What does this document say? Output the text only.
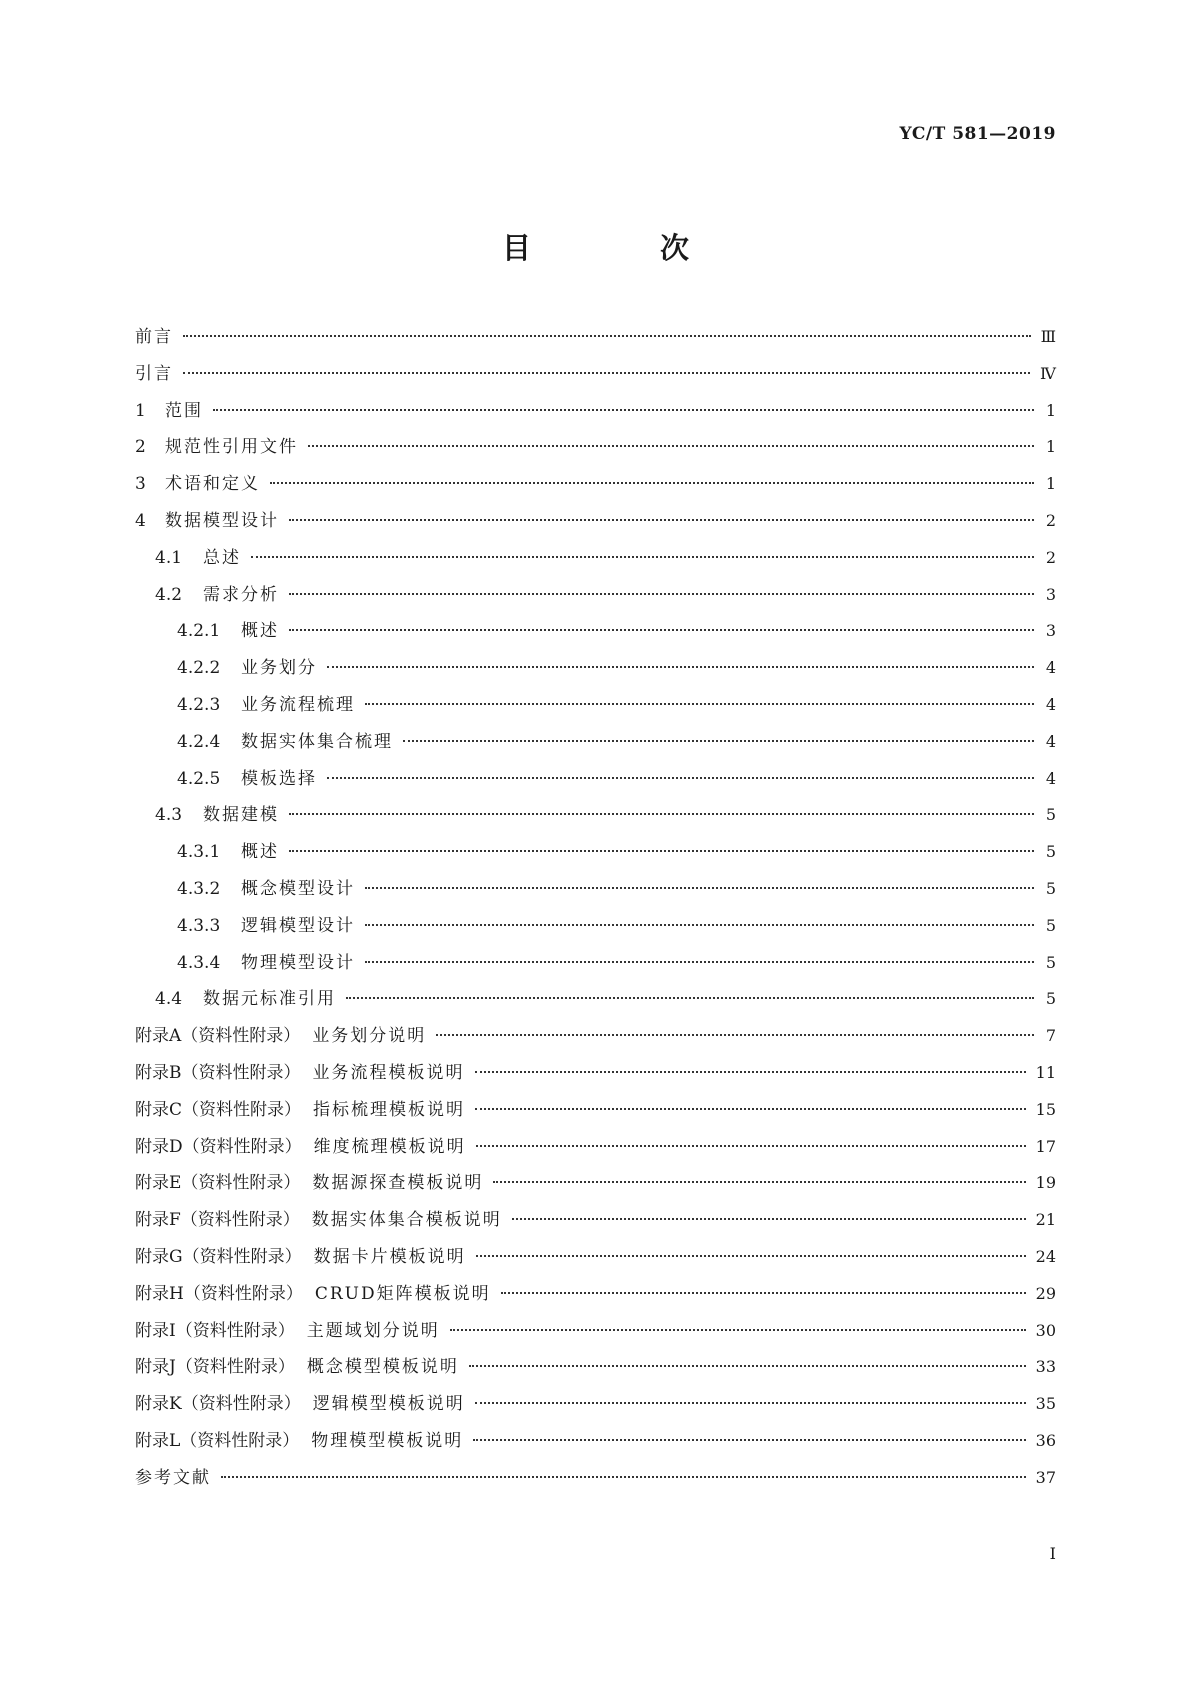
YC/T 581—2019
目　次
前言	Ⅲ
引言	Ⅳ
1	范围	1
2	规范性引用文件	1
3	术语和定义	1
4	数据模型设计	2
4.1	总述	2
4.2	需求分析	3
4.2.1	概述	3
4.2.2	业务划分	4
4.2.3	业务流程梳理	4
4.2.4	数据实体集合梳理	4
4.2.5	模板选择	4
4.3	数据建模	5
4.3.1	概述	5
4.3.2	概念模型设计	5
4.3.3	逻辑模型设计	5
4.3.4	物理模型设计	5
4.4	数据元标准引用	5
附录A（资料性附录） 业务划分说明	7
附录B（资料性附录） 业务流程模板说明	11
附录C（资料性附录） 指标梳理模板说明	15
附录D（资料性附录） 维度梳理模板说明	17
附录E（资料性附录） 数据源探查模板说明	19
附录F（资料性附录） 数据实体集合模板说明	21
附录G（资料性附录） 数据卡片模板说明	24
附录H（资料性附录） CRUD矩阵模板说明	29
附录I（资料性附录） 主题域划分说明	30
附录J（资料性附录） 概念模型模板说明	33
附录K（资料性附录） 逻辑模型模板说明	35
附录L（资料性附录） 物理模型模板说明	36
参考文献	37
I
